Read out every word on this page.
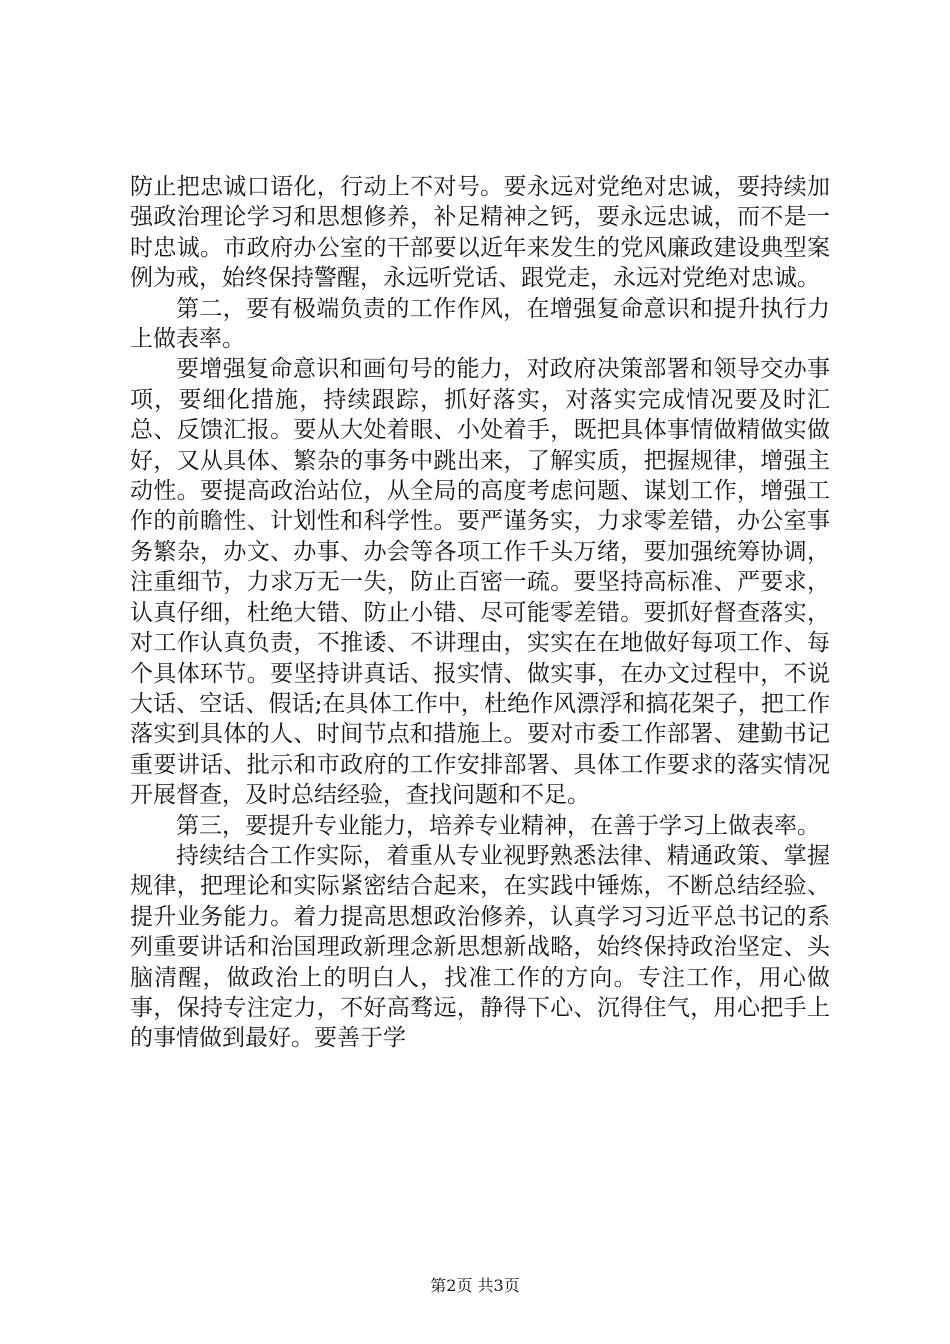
防止把忠诚口语化，行动上不对号。要永远对党绝对忠诚，要持续加强政治理论学习和思想修养，补足精神之钙，要永远忠诚，而不是一时忠诚。市政府办公室的干部要以近年来发生的党风廉政建设典型案例为戒，始终保持警醒，永远听党话、跟党走，永远对党绝对忠诚。

第二，要有极端负责的工作作风，在增强复命意识和提升执行力上做表率。

要增强复命意识和画句号的能力，对政府决策部署和领导交办事项，要细化措施，持续跟踪，抓好落实，对落实完成情况要及时汇总、反馈汇报。要从大处着眼、小处着手，既把具体事情做精做实做好，又从具体、繁杂的事务中跳出来，了解实质，把握规律，增强主动性。要提高政治站位，从全局的高度考虑问题、谋划工作，增强工作的前瞻性、计划性和科学性。要严谨务实，力求零差错，办公室事务繁杂，办文、办事、办会等各项工作千头万绪，要加强统筹协调，注重细节，力求万无一失，防止百密一疏。要坚持高标准、严要求，认真仔细，杜绝大错、防止小错、尽可能零差错。要抓好督查落实，对工作认真负责，不推诿、不讲理由，实实在在地做好每项工作、每个具体环节。要坚持讲真话、报实情、做实事，在办文过程中，不说大话、空话、假话;在具体工作中，杜绝作风漂浮和搞花架子，把工作落实到具体的人、时间节点和措施上。要对市委工作部署、建勤书记重要讲话、批示和市政府的工作安排部署、具体工作要求的落实情况开展督查，及时总结经验，查找问题和不足。

第三，要提升专业能力，培养专业精神，在善于学习上做表率。

持续结合工作实际，着重从专业视野熟悉法律、精通政策、掌握规律，把理论和实际紧密结合起来，在实践中锤炼，不断总结经验、提升业务能力。着力提高思想政治修养，认真学习习近平总书记的系列重要讲话和治国理政新理念新思想新战略，始终保持政治坚定、头脑清醒，做政治上的明白人，找准工作的方向。专注工作，用心做事，保持专注定力，不好高骛远，静得下心、沉得住气，用心把手上的事情做到最好。要善于学

第2页 共3页
